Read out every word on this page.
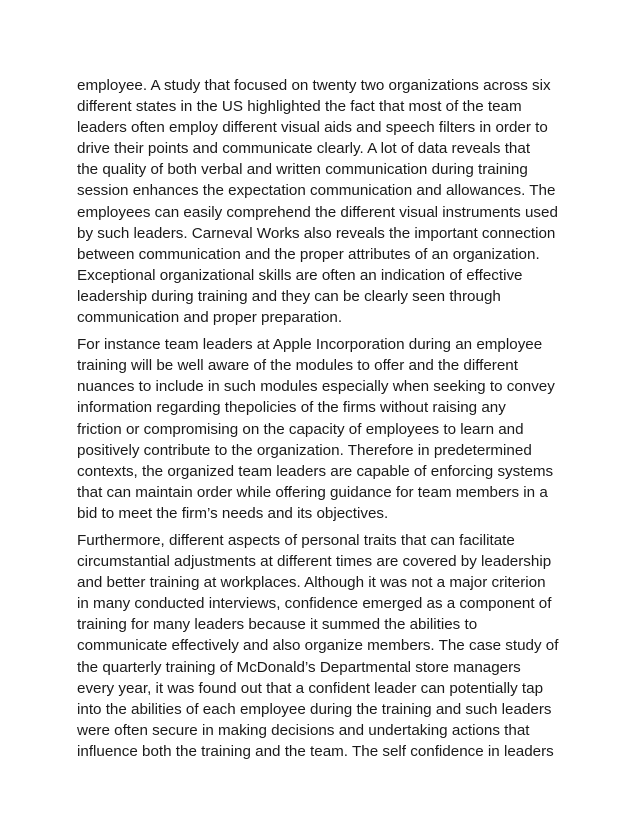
employee. A study that focused on twenty two organizations across six
different states in the US highlighted the fact that most of the team
leaders often employ different visual aids and speech filters in order to
drive their points and communicate clearly. A lot of data reveals that
the quality of both verbal and written communication during training
session enhances the expectation communication and allowances. The
employees can easily comprehend the different visual instruments used
by such leaders. Carneval Works also reveals the important connection
between communication and the proper attributes of an organization.
Exceptional organizational skills are often an indication of effective
leadership during training and they can be clearly seen through
communication and proper preparation.

For instance team leaders at Apple Incorporation during an employee
training will be well aware of the modules to offer and the different
nuances to include in such modules especially when seeking to convey
information regarding thepolicies of the firms without raising any
friction or compromising on the capacity of employees to learn and
positively contribute to the organization. Therefore in predetermined
contexts, the organized team leaders are capable of enforcing systems
that can maintain order while offering guidance for team members in a
bid to meet the firm’s needs and its objectives.

Furthermore, different aspects of personal traits that can facilitate
circumstantial adjustments at different times are covered by leadership
and better training at workplaces. Although it was not a major criterion
in many conducted interviews, confidence emerged as a component of
training for many leaders because it summed the abilities to
communicate effectively and also organize members. The case study of
the quarterly training of McDonald’s Departmental store managers
every year, it was found out that a confident leader can potentially tap
into the abilities of each employee during the training and such leaders
were often secure in making decisions and undertaking actions that
influence both the training and the team. The self confidence in leaders
